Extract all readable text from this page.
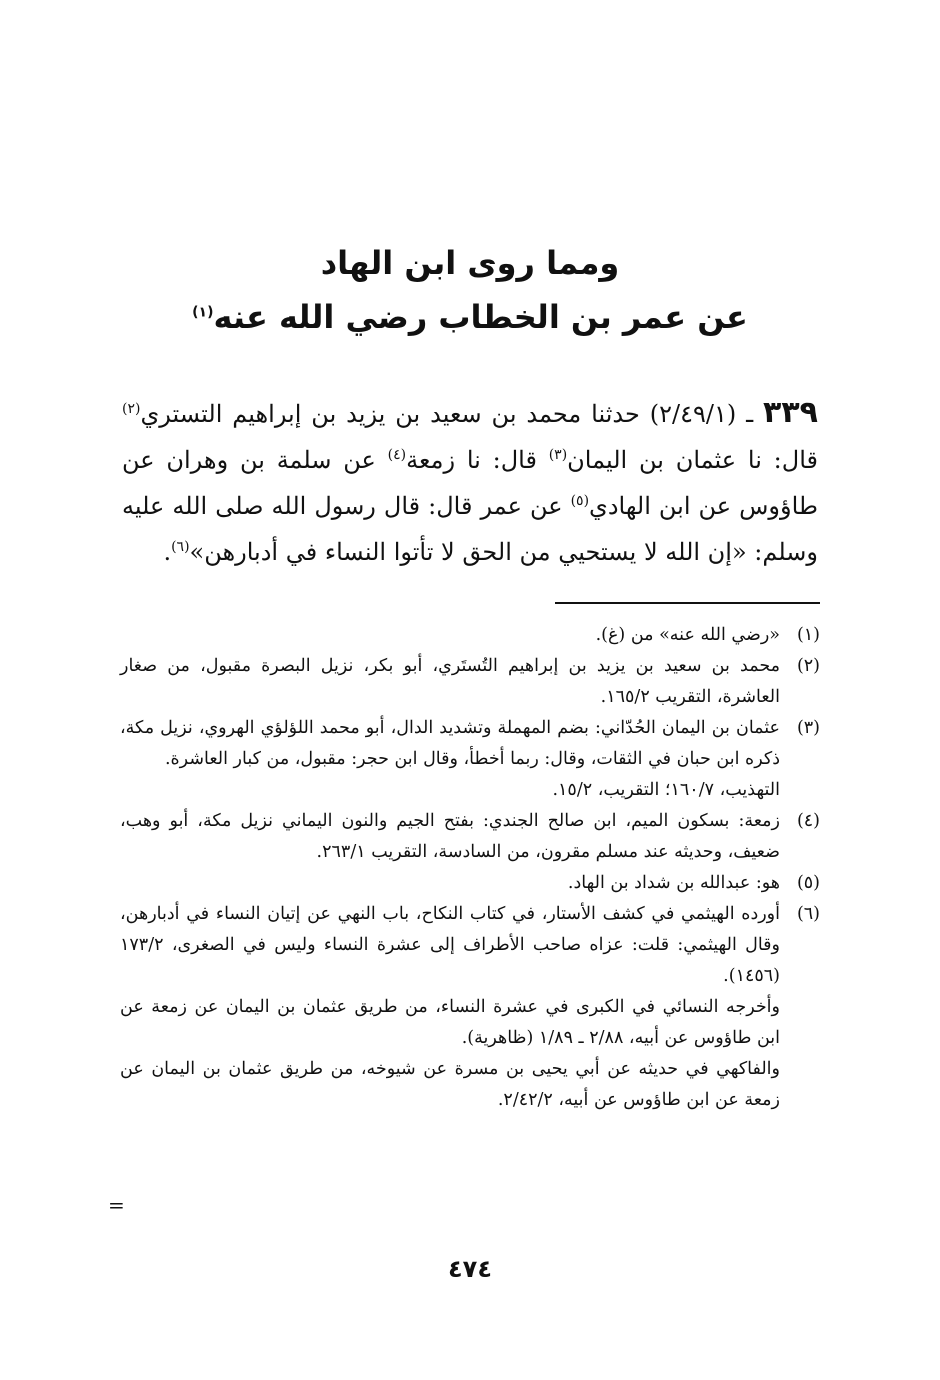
ومما روى ابن الهاد
عن عمر بن الخطاب رضي الله عنه$^{(١)}$
٣٣٩ ـ (٢/٤٩/١) حدثنا محمد بن سعيد بن يزيد بن إبراهيم التستري$^{(٢)}$ قال: نا عثمان بن اليمان$^{(٣)}$ قال: نا زمعة$^{(٤)}$ عن سلمة بن وهران عن طاؤوس عن ابن الهادي$^{(٥)}$ عن عمر قال: قال رسول الله صلى الله عليه وسلم: «إن الله لا يستحيي من الحق لا تأتوا النساء في أدبارهن»$^{(٦)}$.
(١)
«رضي الله عنه» من (غ).
(٢)
محمد بن سعيد بن يزيد بن إبراهيم التُستَري، أبو بكر، نزيل البصرة مقبول، من صغار العاشرة، التقريب ١٦٥/٢.
(٣)
عثمان بن اليمان الحُدّاني: بضم المهملة وتشديد الدال، أبو محمد اللؤلؤي الهروي، نزيل مكة، ذكره ابن حبان في الثقات، وقال: ربما أخطأ، وقال ابن حجر: مقبول، من كبار العاشرة.
التهذيب، ١٦٠/٧؛ التقريب، ١٥/٢.
(٤)
زمعة: بسكون الميم، ابن صالح الجندي: بفتح الجيم والنون اليماني نزيل مكة، أبو وهب، ضعيف، وحديثه عند مسلم مقرون، من السادسة، التقريب ٢٦٣/١.
(٥)
هو: عبدالله بن شداد بن الهاد.
(٦)
أورده الهيثمي في كشف الأستار، في كتاب النكاح، باب النهي عن إتيان النساء في أدبارهن، وقال الهيثمي: قلت: عزاه صاحب الأطراف إلى عشرة النساء وليس في الصغرى، ١٧٣/٢ (١٤٥٦).
وأخرجه النسائي في الكبرى في عشرة النساء، من طريق عثمان بن اليمان عن زمعة عن ابن طاؤوس عن أبيه، ٢/٨٨ ـ ١/٨٩ (ظاهرية).
والفاكهي في حديثه عن أبي يحيى بن مسرة عن شيوخه، من طريق عثمان بن اليمان عن زمعة عن ابن طاؤوس عن أبيه، ٢/٤٢/٢.
=
٤٧٤
